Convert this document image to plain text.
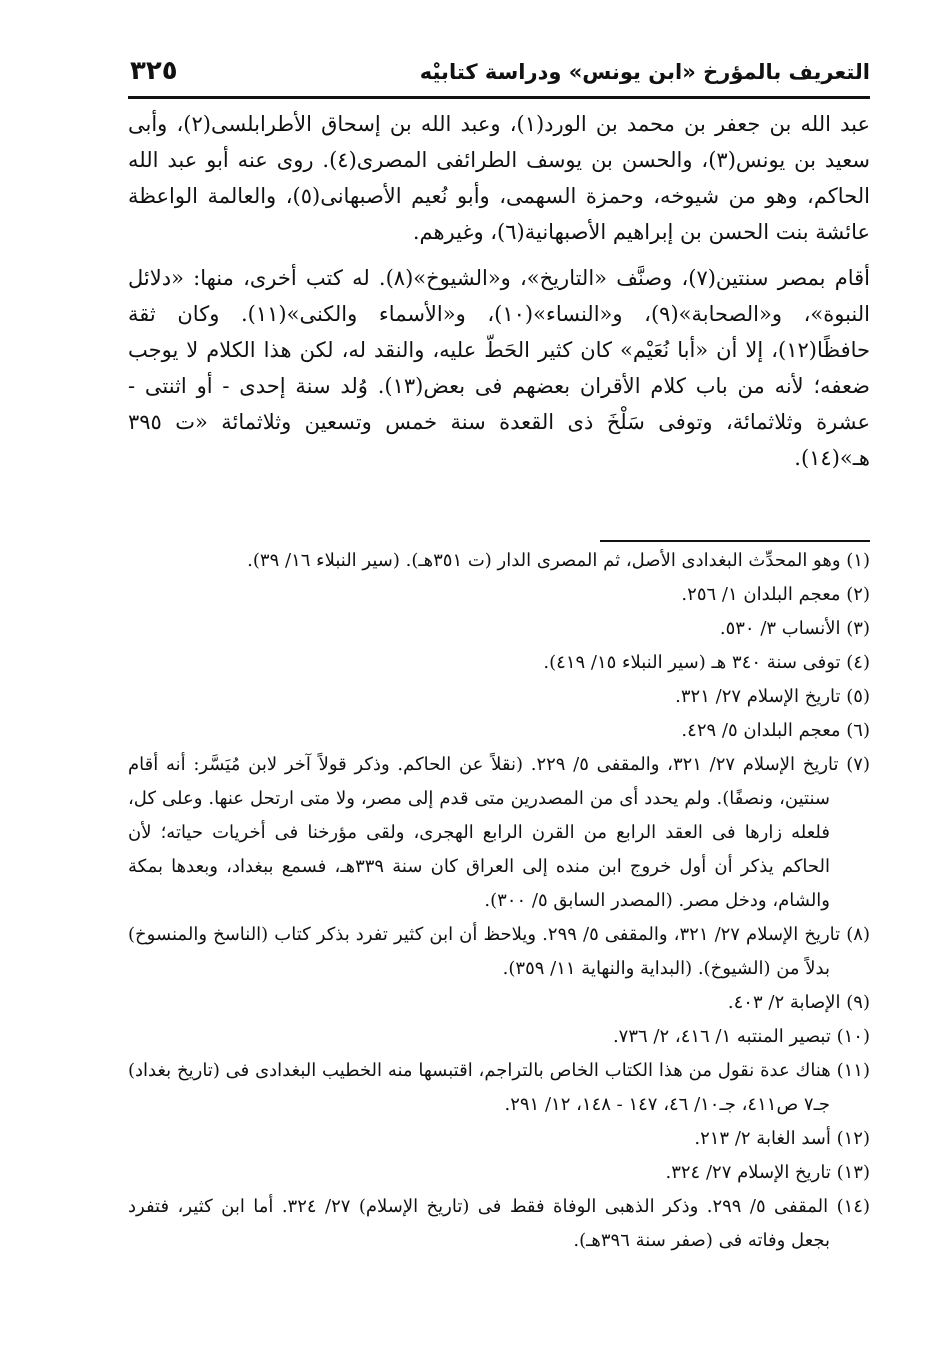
التعريف بالمؤرخ «ابن يونس» ودراسة كتابيْه
٣٢٥

عبد الله بن جعفر بن محمد بن الورد(١)، وعبد الله بن إسحاق الأطرابلسى(٢)، وأبى سعيد بن يونس(٣)، والحسن بن يوسف الطرائفى المصرى(٤). روى عنه أبو عبد الله الحاكم، وهو من شيوخه، وحمزة السهمى، وأبو نُعيم الأصبهانى(٥)، والعالمة الواعظة عائشة بنت الحسن بن إبراهيم الأصبهانية(٦)، وغيرهم.

أقام بمصر سنتين(٧)، وصنَّف «التاريخ»، و«الشيوخ»(٨). له كتب أخرى، منها: «دلائل النبوة»، و«الصحابة»(٩)، و«النساء»(١٠)، و«الأسماء والكنى»(١١). وكان ثقة حافظًا(١٢)، إلا أن «أبا نُعَيْم» كان كثير الحَطّ عليه، والنقد له، لكن هذا الكلام لا يوجب ضعفه؛ لأنه من باب كلام الأقران بعضهم فى بعض(١٣). وُلد سنة إحدى - أو اثنتى - عشرة وثلاثمائة، وتوفى سَلْخَ ذى القعدة سنة خمس وتسعين وثلاثمائة «ت ٣٩٥ هـ»(١٤).

(١) وهو المحدِّث البغدادى الأصل، ثم المصرى الدار (ت ٣٥١هـ). (سير النبلاء ١٦/ ٣٩).

(٢) معجم البلدان ١/ ٢٥٦.

(٣) الأنساب ٣/ ٥٣٠.

(٤) توفى سنة ٣٤٠ هـ (سير النبلاء ١٥/ ٤١٩).

(٥) تاريخ الإسلام ٢٧/ ٣٢١.

(٦) معجم البلدان ٥/ ٤٢٩.

(٧) تاريخ الإسلام ٢٧/ ٣٢١، والمقفى ٥/ ٢٢٩. (نقلاً عن الحاكم. وذكر قولاً آخر لابن مُيَسَّر: أنه أقام سنتين، ونصفًا). ولم يحدد أى من المصدرين متى قدم إلى مصر، ولا متى ارتحل عنها. وعلى كل، فلعله زارها فى العقد الرابع من القرن الرابع الهجرى، ولقى مؤرخنا فى أخريات حياته؛ لأن الحاكم يذكر أن أول خروج ابن منده إلى العراق كان سنة ٣٣٩هـ، فسمع ببغداد، وبعدها بمكة والشام، ودخل مصر. (المصدر السابق ٥/ ٣٠٠).

(٨) تاريخ الإسلام ٢٧/ ٣٢١، والمقفى ٥/ ٢٩٩. ويلاحظ أن ابن كثير تفرد بذكر كتاب (الناسخ والمنسوخ) بدلاً من (الشيوخ). (البداية والنهاية ١١/ ٣٥٩).

(٩) الإصابة ٢/ ٤٠٣.

(١٠) تبصير المنتبه ١/ ٤١٦، ٢/ ٧٣٦.

(١١) هناك عدة نقول من هذا الكتاب الخاص بالتراجم، اقتبسها منه الخطيب البغدادى فى (تاريخ بغداد) جـ٧ ص٤١١، جـ١٠/ ٤٦، ١٤٧ - ١٤٨، ١٢/ ٢٩١.

(١٢) أسد الغابة ٢/ ٢١٣.

(١٣) تاريخ الإسلام ٢٧/ ٣٢٤.

(١٤) المقفى ٥/ ٢٩٩. وذكر الذهبى الوفاة فقط فى (تاريخ الإسلام) ٢٧/ ٣٢٤. أما ابن كثير، فتفرد بجعل وفاته فى (صفر سنة ٣٩٦هـ).
